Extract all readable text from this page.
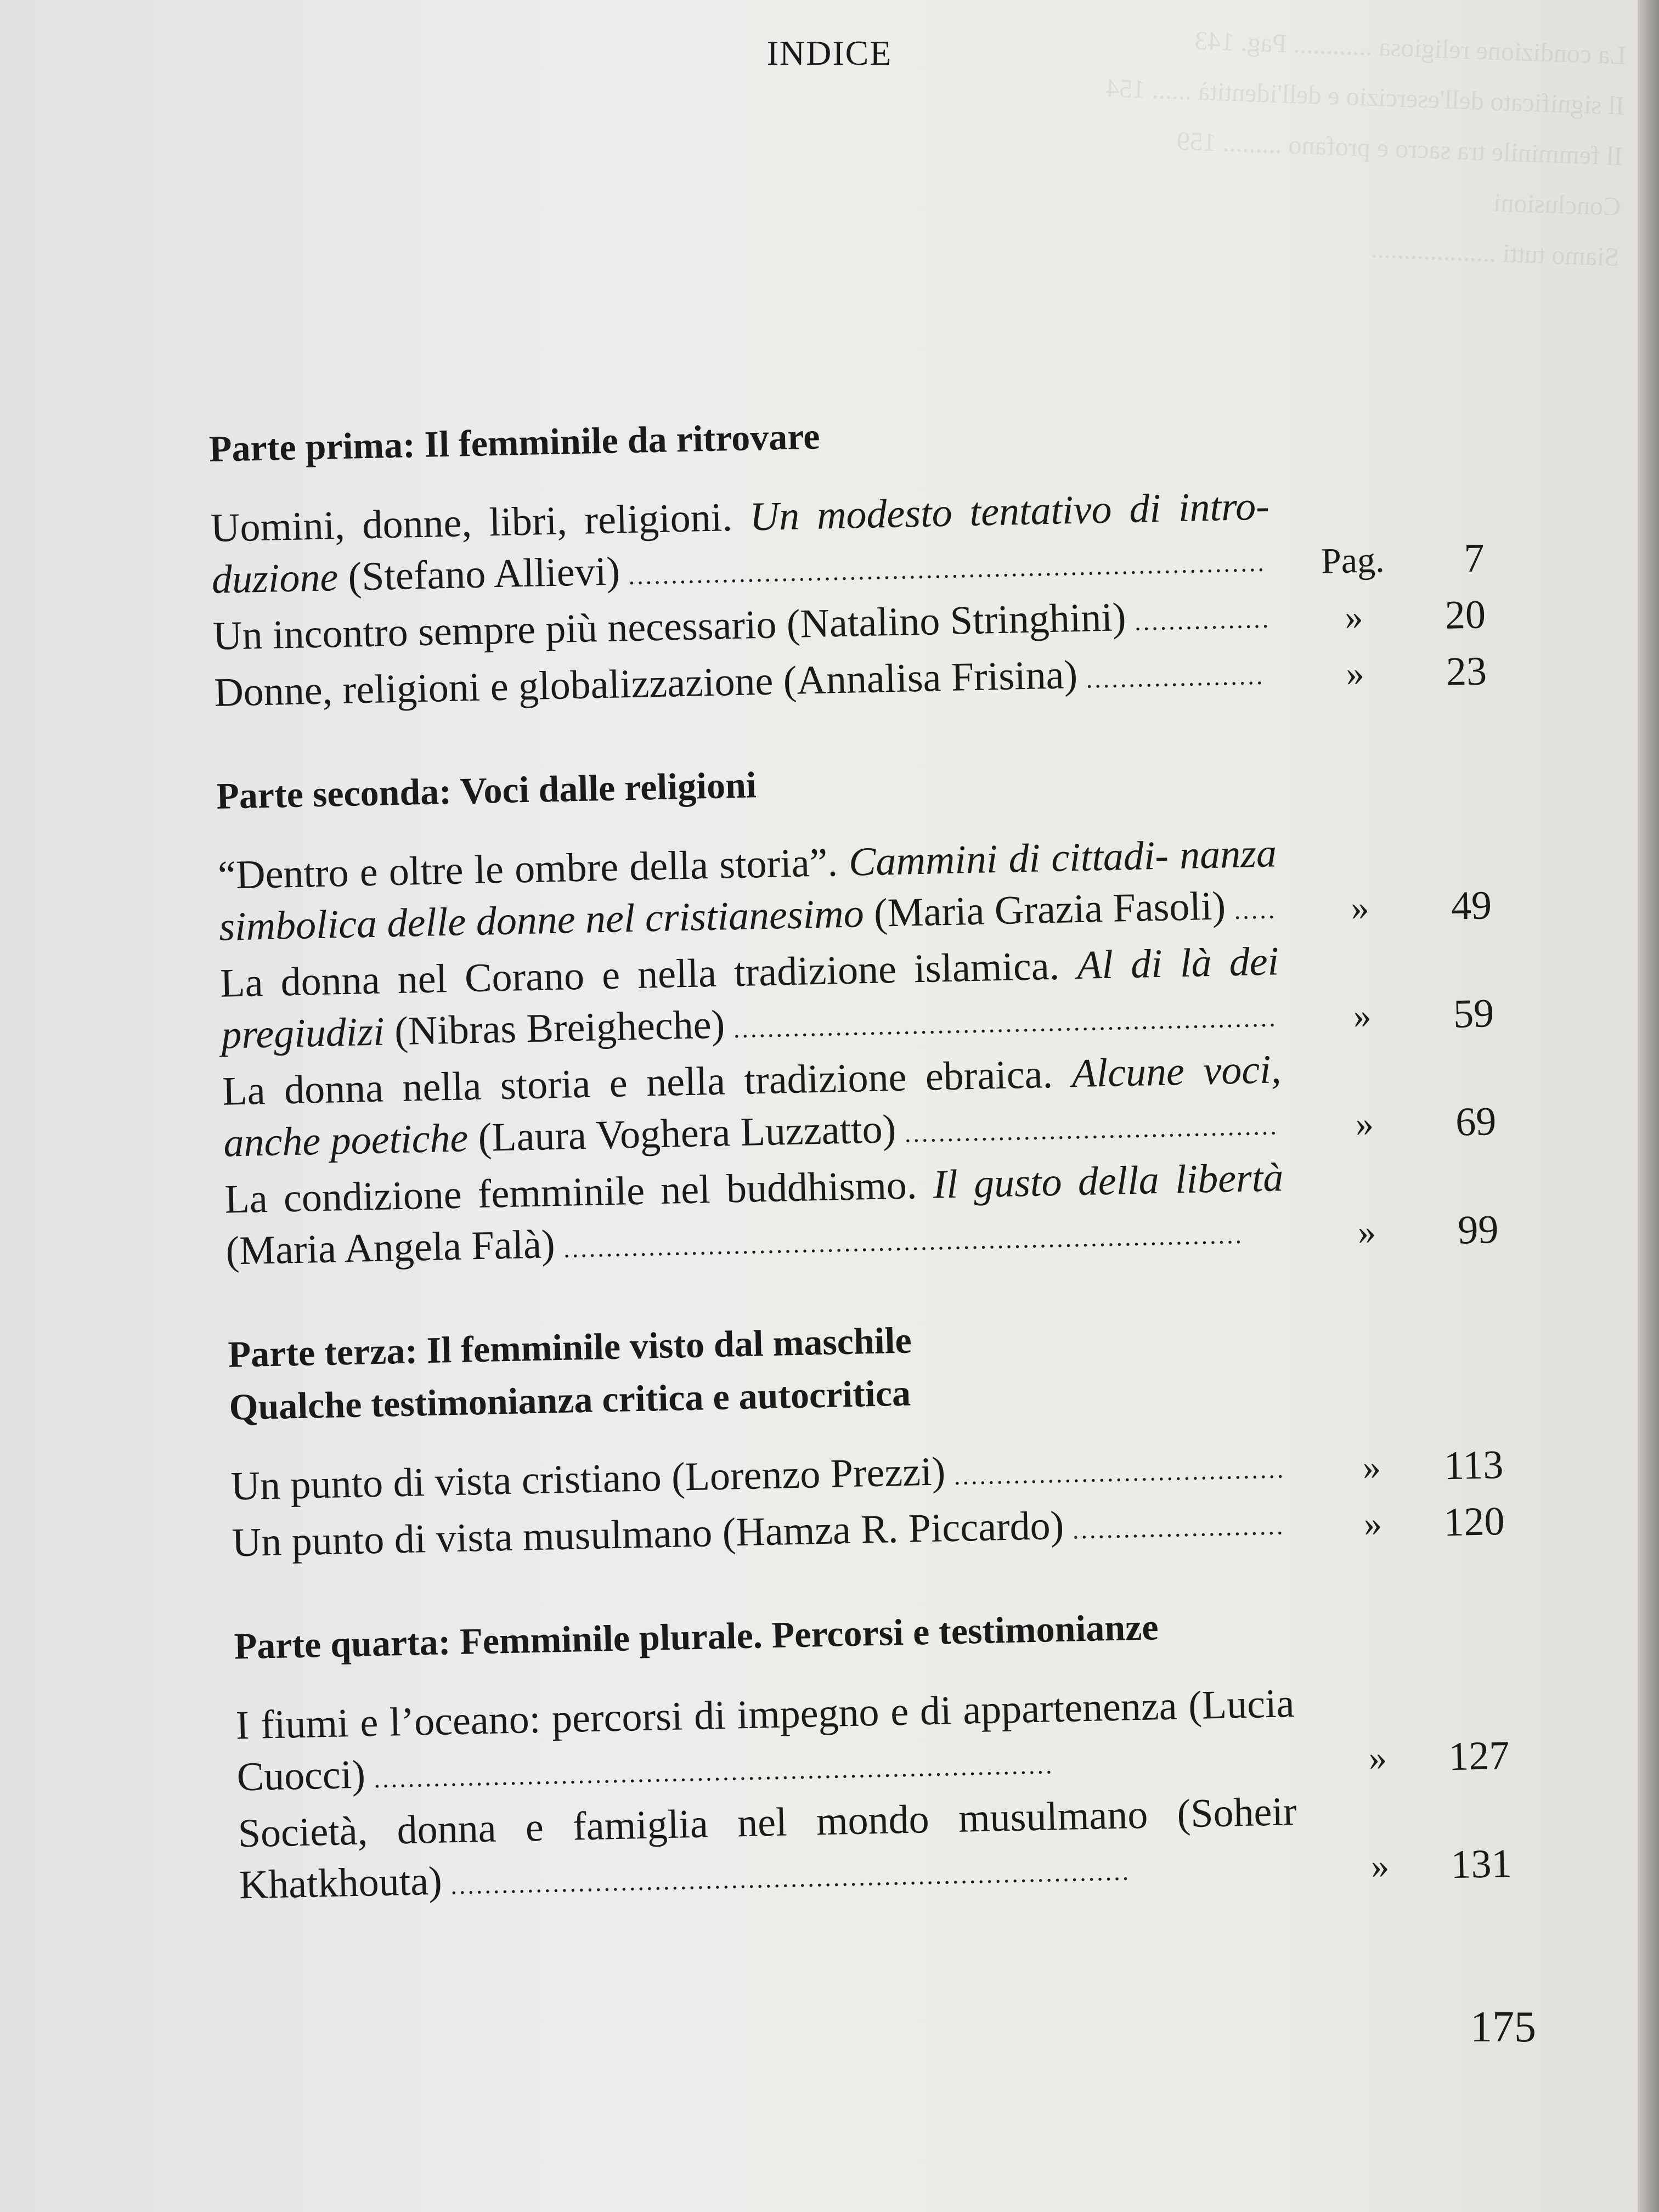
La condizione religiosa ............ Pag. 143
Il significato dell'esercizio e dell'identità ...... 154
Il femminile tra sacro e profano ......... 159
Conclusioni
Siamo tutti ...................
INDICE
Parte prima: Il femminile da ritrovare
Uomini, donne, libri, religioni. Un modesto tentativo di intro- duzione (Stefano Allievi) ........................................................................... Pag.	7
Un incontro sempre più necessario (Natalino Stringhini) ................	»	20
Donne, religioni e globalizzazione (Annalisa Frisina) .....................	»	23
Parte seconda: Voci dalle religioni
“Dentro e oltre le ombre della storia”. Cammini di cittadi- nanza simbolica delle donne nel cristianesimo (Maria Grazia Fasoli) .....	»	49
La donna nel Corano e nella tradizione islamica. Al di là dei pregiudizi (Nibras Breigheche) ................................................................	»	59
La donna nella storia e nella tradizione ebraica. Alcune voci, anche poetiche (Laura Voghera Luzzatto) ............................................	»	69
La condizione femminile nel buddhismo. Il gusto della libertà (Maria Angela Falà) ................................................................................	»	99
Parte terza: Il femminile visto dal maschile
Qualche testimonianza critica e autocritica
Un punto di vista cristiano (Lorenzo Prezzi) .......................................	»	113
Un punto di vista musulmano (Hamza R. Piccardo) .........................	»	120
Parte quarta: Femminile plurale. Percorsi e testimonianze
I fiumi e l’oceano: percorsi di impegno e di appartenenza (Lucia Cuocci) ................................................................................	»	127
Società, donna e famiglia nel mondo musulmano (Soheir Khatkhouta) ................................................................................	»	131
175
